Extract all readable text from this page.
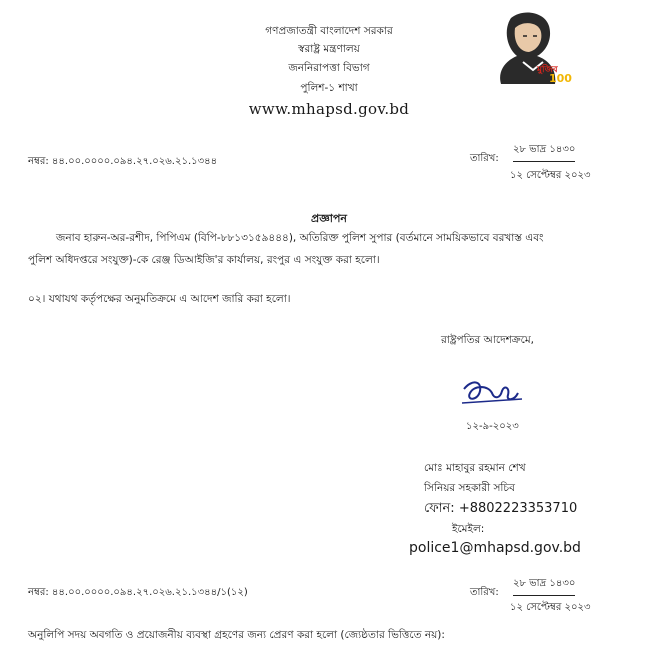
গণপ্রজাতন্ত্রী বাংলাদেশ সরকার
স্বরাষ্ট্র মন্ত্রণালয়
জননিরাপত্তা বিভাগ
পুলিশ-১ শাখা
www.mhapsd.gov.bd
মুজিব
100
নম্বর: ৪৪.০০.০০০০.০৯৪.২৭.০২৬.২১.১৩৪৪	তারিখ:
২৮ ভাদ্র ১৪৩০
১২ সেপ্টেম্বর ২০২৩
প্রজ্ঞাপন
জনাব হারুন-অর-রশীদ, পিপিএম (বিপি-৮৮১৩১৫৯৪৪৪), অতিরিক্ত পুলিশ সুপার (বর্তমানে সাময়িকভাবে বরখাস্ত এবং
পুলিশ অধিদপ্তরে সংযুক্ত)-কে রেঞ্জ ডিআইজি'র কার্যালয়, রংপুর এ সংযুক্ত করা হলো।
০২। যথাযথ কর্তৃপক্ষের অনুমতিক্রমে এ আদেশ জারি করা হলো।
রাষ্ট্রপতির আদেশক্রমে,
১২-৯-২০২৩
মোঃ মাহাবুর রহমান শেখ
সিনিয়র সহকারী সচিব
ফোন: +8802223353710
ইমেইল:
police1@mhapsd.gov.bd
নম্বর: ৪৪.০০.০০০০.০৯৪.২৭.০২৬.২১.১৩৪৪/১(১২)	তারিখ:
২৮ ভাদ্র ১৪৩০
১২ সেপ্টেম্বর ২০২৩
অনুলিপি সদয় অবগতি ও প্রয়োজনীয় ব্যবস্থা গ্রহণের জন্য প্রেরণ করা হলো (জ্যেষ্ঠতার ভিত্তিতে নয়):
